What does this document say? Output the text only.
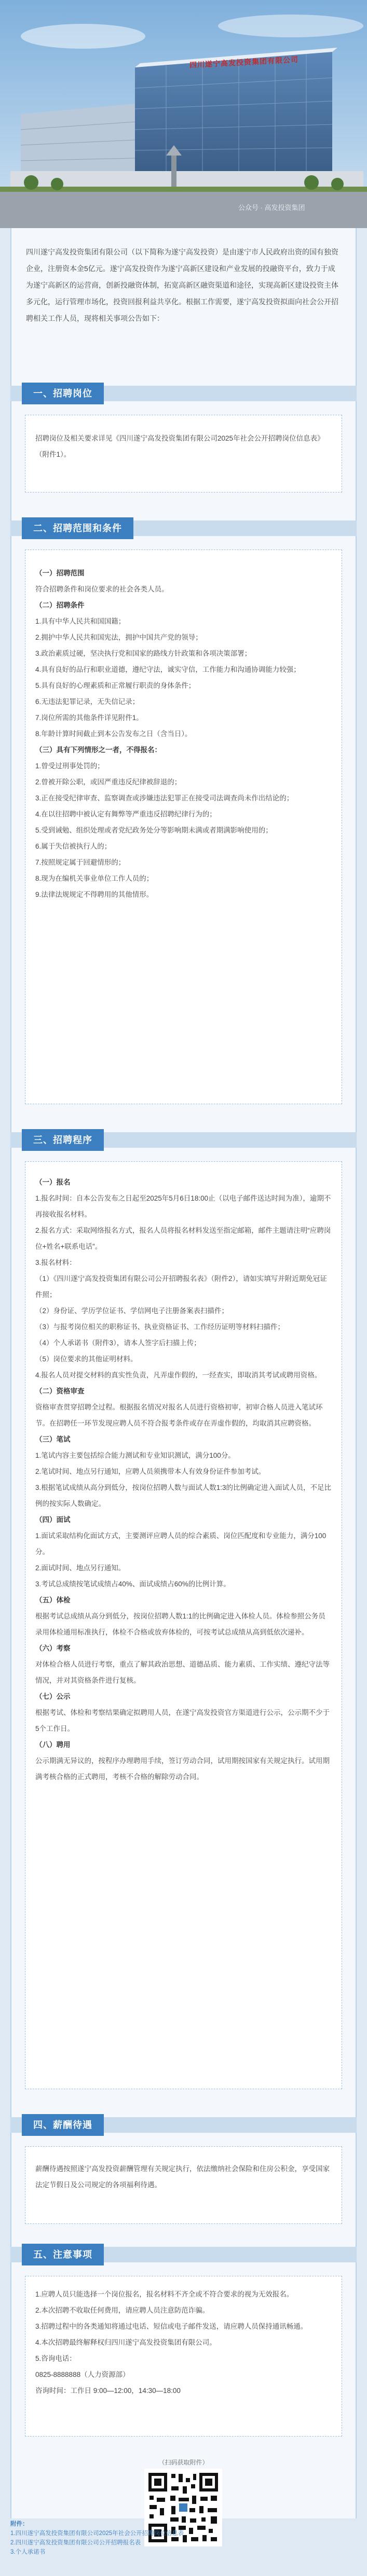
四川遂宁高发投资集团有限公司
公众号 · 高发投资集团
四川遂宁高发投资集团有限公司（以下简称为遂宁高发投资）是由遂宁市人民政府出资的国有独资企业，注册资本金5亿元。遂宁高发投资作为遂宁高新区建设和产业发展的投融资平台，致力于成为遂宁高新区的运营商，创新投融资体制，拓宽高新区融资渠道和途径，实现高新区建设投资主体多元化，运行管理市场化，投资回报利益共享化。根据工作需要，遂宁高发投资拟面向社会公开招聘相关工作人员，现将相关事项公告如下：
一、招聘岗位
招聘岗位及相关要求详见《四川遂宁高发投资集团有限公司2025年社会公开招聘岗位信息表》（附件1）。
二、招聘范围和条件

（一）招聘范围

符合招聘条件和岗位要求的社会各类人员。

（二）招聘条件

1.具有中华人民共和国国籍；

2.拥护中华人民共和国宪法，拥护中国共产党的领导；

3.政治素质过硬，坚决执行党和国家的路线方针政策和各项决策部署；

4.具有良好的品行和职业道德，遵纪守法，诚实守信，工作能力和沟通协调能力较强；

5.具有良好的心理素质和正常履行职责的身体条件；

6.无违法犯罪记录，无失信记录；

7.岗位所需的其他条件详见附件1。

8.年龄计算时间截止到本公告发布之日（含当日）。

（三）具有下列情形之一者，不得报名：

1.曾受过刑事处罚的；

2.曾被开除公职，或因严重违反纪律被辞退的；

3.正在接受纪律审查、监察调查或涉嫌违法犯罪正在接受司法调查尚未作出结论的；

4.在以往招聘中被认定有舞弊等严重违反招聘纪律行为的；

5.受到诫勉、组织处理或者党纪政务处分等影响期未满或者期满影响使用的；

6.属于失信被执行人的；

7.按照规定属于回避情形的；

8.现为在编机关事业单位工作人员的；

9.法律法规规定不得聘用的其他情形。

三、招聘程序

（一）报名

1.报名时间：自本公告发布之日起至2025年5月6日18:00止（以电子邮件送达时间为准），逾期不再接收报名材料。

2.报名方式：采取网络报名方式，报名人员将报名材料发送至指定邮箱，邮件主题请注明“应聘岗位+姓名+联系电话”。

3.报名材料：

（1）《四川遂宁高发投资集团有限公司公开招聘报名表》（附件2），请如实填写并附近期免冠证件照；

（2）身份证、学历学位证书、学信网电子注册备案表扫描件；

（3）与报考岗位相关的职称证书、执业资格证书、工作经历证明等材料扫描件；

（4）个人承诺书（附件3），请本人签字后扫描上传；

（5）岗位要求的其他证明材料。

4.报名人员对提交材料的真实性负责，凡弄虚作假的，一经查实，即取消其考试或聘用资格。

（二）资格审查

资格审查贯穿招聘全过程。根据报名情况对报名人员进行资格初审，初审合格人员进入笔试环节。在招聘任一环节发现应聘人员不符合报考条件或存在弄虚作假的，均取消其应聘资格。

（三）笔试

1.笔试内容主要包括综合能力测试和专业知识测试，满分100分。

2.笔试时间、地点另行通知，应聘人员须携带本人有效身份证件参加考试。

3.根据笔试成绩从高分到低分，按岗位招聘人数与面试人数1:3的比例确定进入面试人员，不足比例的按实际人数确定。

（四）面试

1.面试采取结构化面试方式，主要测评应聘人员的综合素质、岗位匹配度和专业能力，满分100分。

2.面试时间、地点另行通知。

3.考试总成绩按笔试成绩占40%、面试成绩占60%的比例计算。

（五）体检

根据考试总成绩从高分到低分，按岗位招聘人数1:1的比例确定进入体检人员。体检参照公务员录用体检通用标准执行，体检不合格或放弃体检的，可按考试总成绩从高到低依次递补。

（六）考察

对体检合格人员进行考察，重点了解其政治思想、道德品质、能力素质、工作实绩、遵纪守法等情况，并对其资格条件进行复核。

（七）公示

根据考试、体检和考察结果确定拟聘用人员，在遂宁高发投资官方渠道进行公示，公示期不少于5个工作日。

（八）聘用

公示期满无异议的，按程序办理聘用手续，签订劳动合同，试用期按国家有关规定执行。试用期满考核合格的正式聘用，考核不合格的解除劳动合同。

四、薪酬待遇
薪酬待遇按照遂宁高发投资薪酬管理有关规定执行，依法缴纳社会保险和住房公积金，享受国家法定节假日及公司规定的各项福利待遇。
五、注意事项

1.应聘人员只能选择一个岗位报名，报名材料不齐全或不符合要求的视为无效报名。

2.本次招聘不收取任何费用，请应聘人员注意防范诈骗。

3.招聘过程中的各类通知将通过电话、短信或电子邮件发送，请应聘人员保持通讯畅通。

4.本次招聘最终解释权归四川遂宁高发投资集团有限公司。

5.咨询电话：

0825-8888888（人力资源部）

咨询时间：工作日 9:00—12:00，14:30—18:00

（扫码获取附件）
附件：
1.四川遂宁高发投资集团有限公司2025年社会公开招聘岗位信息表
2.四川遂宁高发投资集团有限公司公开招聘报名表
3.个人承诺书
